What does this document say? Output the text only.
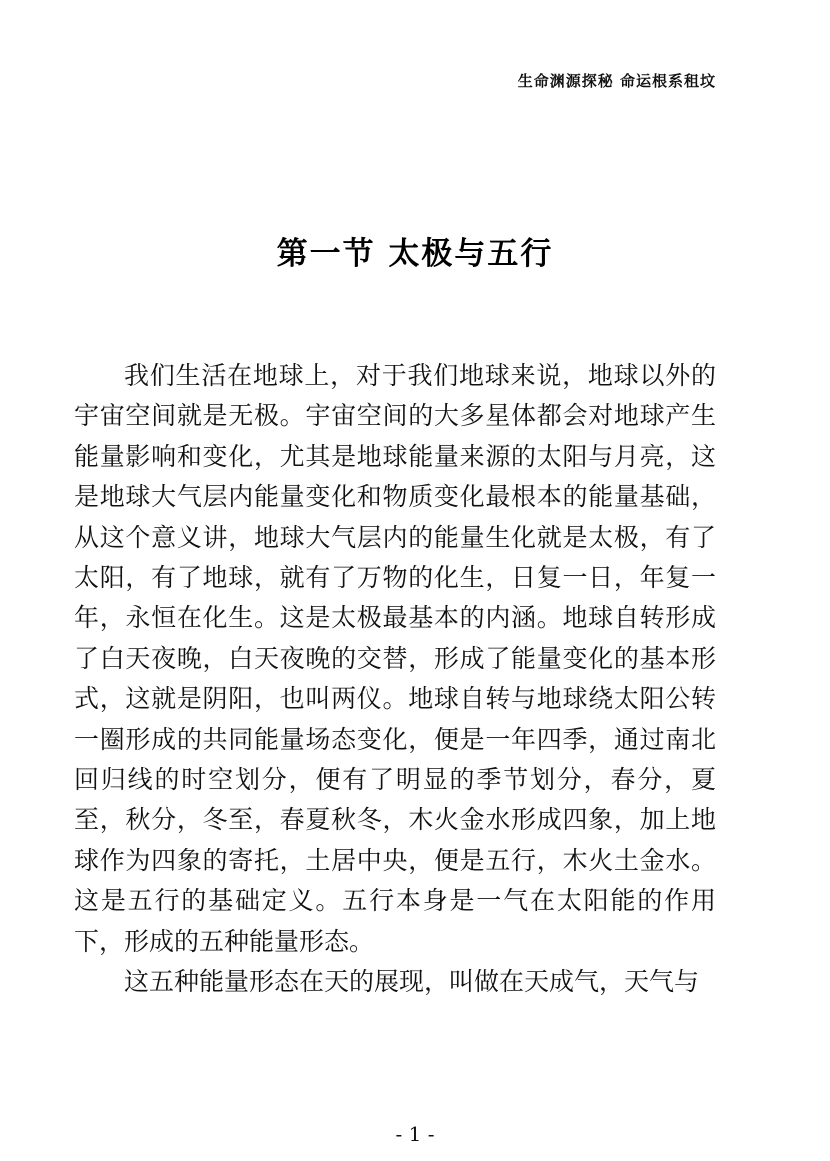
生命渊源探秘 命运根系租坟
第一节 太极与五行

我们生活在地球上，对于我们地球来说，地球以外的宇宙空间就是无极。宇宙空间的大多星体都会对地球产生能量影响和变化，尤其是地球能量来源的太阳与月亮，这是地球大气层内能量变化和物质变化最根本的能量基础，从这个意义讲，地球大气层内的能量生化就是太极，有了太阳，有了地球，就有了万物的化生，日复一日，年复一年，永恒在化生。这是太极最基本的内涵。地球自转形成了白天夜晚，白天夜晚的交替，形成了能量变化的基本形式，这就是阴阳，也叫两仪。地球自转与地球绕太阳公转一圈形成的共同能量场态变化，便是一年四季，通过南北回归线的时空划分，便有了明显的季节划分，春分，夏至，秋分，冬至，春夏秋冬，木火金水形成四象，加上地球作为四象的寄托，土居中央，便是五行，木火土金水。这是五行的基础定义。五行本身是一气在太阳能的作用下，形成的五种能量形态。

这五种能量形态在天的展现，叫做在天成气，天气与

- 1 -
